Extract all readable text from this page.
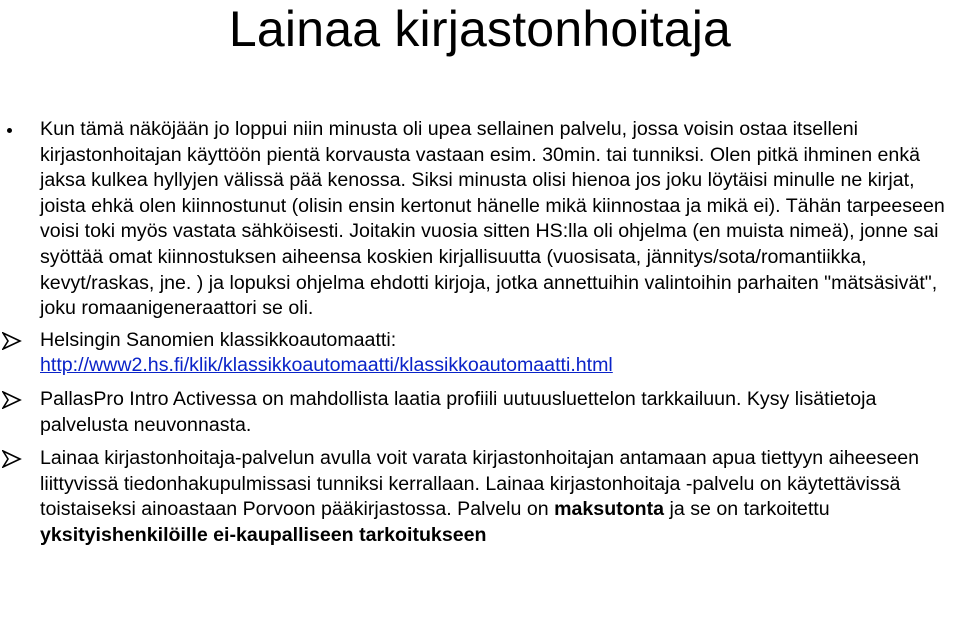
Lainaa kirjastonhoitaja
Kun tämä näköjään jo loppui niin minusta oli upea sellainen palvelu, jossa voisin ostaa itselleni kirjastonhoitajan käyttöön pientä korvausta vastaan esim. 30min. tai tunniksi. Olen pitkä ihminen enkä jaksa kulkea hyllyjen välissä pää kenossa. Siksi minusta olisi hienoa jos joku löytäisi minulle ne kirjat, joista ehkä olen kiinnostunut (olisin ensin kertonut hänelle mikä kiinnostaa ja mikä ei). Tähän tarpeeseen voisi toki myös vastata sähköisesti. Joitakin vuosia sitten HS:lla oli ohjelma (en muista nimeä), jonne sai syöttää omat kiinnostuksen aiheensa koskien kirjallisuutta (vuosisata, jännitys/sota/romantiikka, kevyt/raskas, jne. ) ja lopuksi ohjelma ehdotti kirjoja, jotka annettuihin valintoihin parhaiten "mätsäsivät", joku romaanigeneraattori se oli.
Helsingin Sanomien klassikkoautomaatti:
http://www2.hs.fi/klik/klassikkoautomaatti/klassikkoautomaatti.html
PallasPro Intro Activessa on mahdollista laatia profiili uutuusluettelon tarkkailuun. Kysy lisätietoja palvelusta neuvonnasta.
Lainaa kirjastonhoitaja-palvelun avulla voit varata kirjastonhoitajan antamaan apua tiettyyn aiheeseen liittyvissä tiedonhakupulmissasi tunniksi kerrallaan. Lainaa kirjastonhoitaja -palvelu on käytettävissä toistaiseksi ainoastaan Porvoon pääkirjastossa. Palvelu on maksutonta ja se on tarkoitettu yksityishenkilöille ei-kaupalliseen tarkoitukseen
